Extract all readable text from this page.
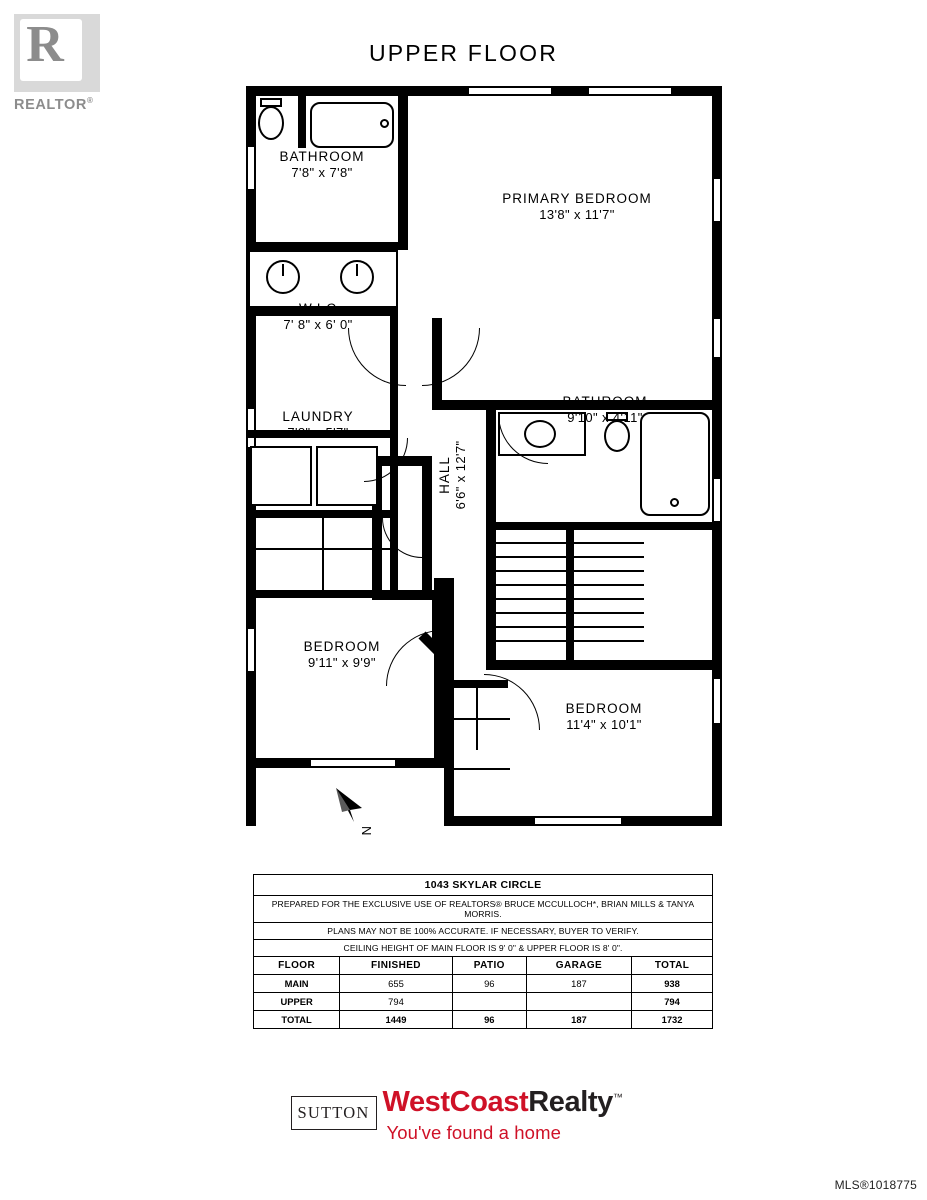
R
REALTOR®
UPPER FLOOR
BATHROOM
7'8" x 7'8"
PRIMARY BEDROOM
13'8" x 11'7"
W.I.C
7' 8" x 6' 0"
BATHROOM
9'10" x 4'11"
LAUNDRY
7'8" x 5'7"
HALL 6'6" x 12'7"
BEDROOM
9'11" x 9'9"
BEDROOM
11'4" x 10'1"
N
1043 SKYLAR CIRCLE				
PREPARED FOR THE EXCLUSIVE USE OF REALTORS® BRUCE MCCULLOCH*, BRIAN MILLS & TANYA MORRIS.				
PLANS MAY NOT BE 100% ACCURATE. IF NECESSARY, BUYER TO VERIFY.				
CEILING HEIGHT OF MAIN FLOOR IS 9' 0" & UPPER FLOOR IS 8' 0".				
FLOOR	FINISHED	PATIO	GARAGE	TOTAL
MAIN	655	96	187	938
UPPER	794			794
TOTAL	1449	96	187	1732
SUTTON WestCoastRealty™
You've found a home
MLS®1018775
